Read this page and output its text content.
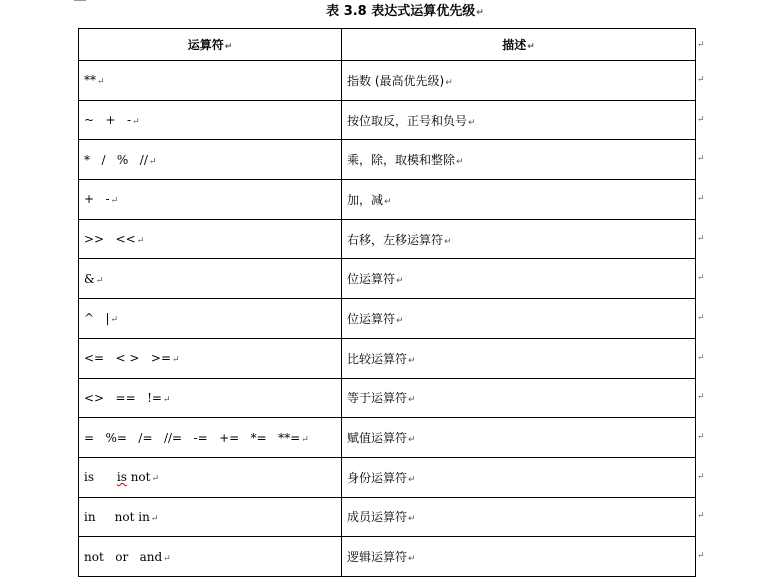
表 3.8 表达式运算优先级↵
运算符↵	描述↵
**↵	指数 (最高优先级)↵
~   +   -↵	按位取反，正号和负号↵
*   /   %   //↵	乘，除，取模和整除↵
+   -↵	加，减↵
>>   <<↵	右移，左移运算符↵
&↵	位运算符↵
^   |↵	位运算符↵
<=   < >   >=↵	比较运算符↵
<>   ==   !=↵	等于运算符↵
=   %=   /=   //=   -=   +=   *=   **=↵	赋值运算符↵
is      is not↵	身份运算符↵
in     not in↵	成员运算符↵
not   or   and↵	逻辑运算符↵
↵
↵
↵
↵
↵
↵
↵
↵
↵
↵
↵
↵
↵
↵
